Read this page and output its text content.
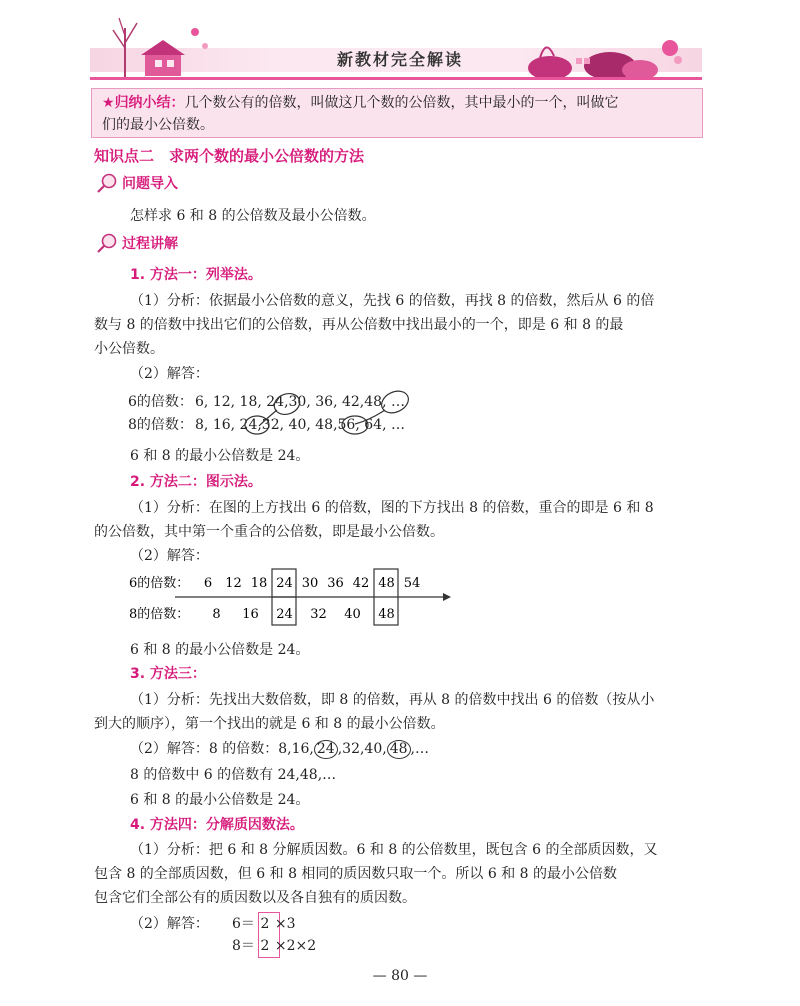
新教材完全解读
★归纳小结：几个数公有的倍数，叫做这几个数的公倍数，其中最小的一个，叫做它
们的最小公倍数。
知识点二　求两个数的最小公倍数的方法
问题导入
怎样求 6 和 8 的公倍数及最小公倍数。
过程讲解
1. 方法一：列举法。
（1）分析：依据最小公倍数的意义，先找 6 的倍数，再找 8 的倍数，然后从 6 的倍
数与 8 的倍数中找出它们的公倍数，再从公倍数中找出最小的一个，即是 6 和 8 的最
小公倍数。
（2）解答：
6的倍数： 6, 12, 18, 24,30, 36, 42,48, …
8的倍数： 8, 16, 24,32, 40, 48,56, 64, …
6 和 8 的最小公倍数是 24。
2. 方法二：图示法。
（1）分析：在图的上方找出 6 的倍数，图的下方找出 8 的倍数，重合的即是 6 和 8
的公倍数，其中第一个重合的公倍数，即是最小公倍数。
（2）解答：
6 12 18 24 30 36 42 48 54
8 16 24 32 40 48
6的倍数：
8的倍数：
6 和 8 的最小公倍数是 24。
3. 方法三：
（1）分析：先找出大数倍数，即 8 的倍数，再从 8 的倍数中找出 6 的倍数（按从小
到大的顺序），第一个找出的就是 6 和 8 的最小公倍数。
（2）解答：8 的倍数：8,16, 24 ,32,40, 48 ,…
8 的倍数中 6 的倍数有 24,48,…
6 和 8 的最小公倍数是 24。
4. 方法四：分解质因数法。
（1）分析：把 6 和 8 分解质因数。6 和 8 的公倍数里，既包含 6 的全部质因数，又
包含 8 的全部质因数，但 6 和 8 相同的质因数只取一个。所以 6 和 8 的最小公倍数
包含它们全部公有的质因数以及各自独有的质因数。
（2）解答： 6＝ 2 ×3
8＝ 2 ×2×2
— 80 —
